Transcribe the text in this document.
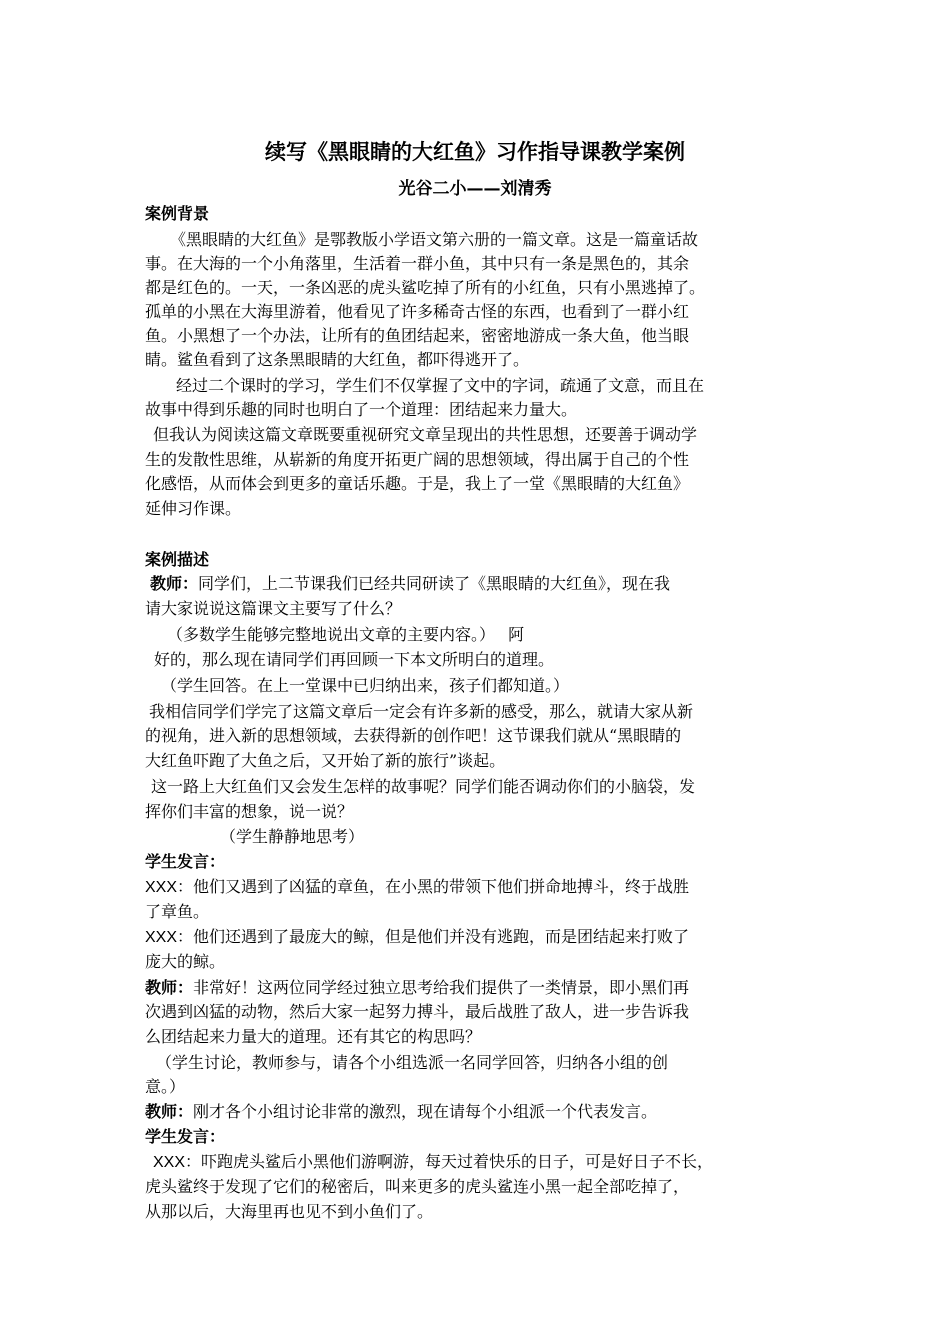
续写《黑眼睛的大红鱼》习作指导课教学案例
光谷二小——刘清秀
案例背景
《黑眼睛的大红鱼》是鄂教版小学语文第六册的一篇文章。这是一篇童话故
事。在大海的一个小角落里，生活着一群小鱼，其中只有一条是黑色的，其余
都是红色的。一天，一条凶恶的虎头鲨吃掉了所有的小红鱼，只有小黑逃掉了。
孤单的小黑在大海里游着，他看见了许多稀奇古怪的东西，也看到了一群小红
鱼。小黑想了一个办法，让所有的鱼团结起来，密密地游成一条大鱼，他当眼
睛。鲨鱼看到了这条黑眼睛的大红鱼，都吓得逃开了。
经过二个课时的学习，学生们不仅掌握了文中的字词，疏通了文意，而且在
故事中得到乐趣的同时也明白了一个道理：团结起来力量大。
但我认为阅读这篇文章既要重视研究文章呈现出的共性思想，还要善于调动学
生的发散性思维，从崭新的角度开拓更广阔的思想领域，得出属于自己的个性
化感悟，从而体会到更多的童话乐趣。于是，我上了一堂《黑眼睛的大红鱼》
延伸习作课。
案例描述
教师：同学们，上二节课我们已经共同研读了《黑眼睛的大红鱼》，现在我
请大家说说这篇课文主要写了什么？
（多数学生能够完整地说出文章的主要内容。）　 阿
好的，那么现在请同学们再回顾一下本文所明白的道理。
（学生回答。在上一堂课中已归纳出来，孩子们都知道。）
我相信同学们学完了这篇文章后一定会有许多新的感受，那么，就请大家从新
的视角，进入新的思想领域，去获得新的创作吧！这节课我们就从“黑眼睛的
大红鱼吓跑了大鱼之后，又开始了新的旅行”谈起。
这一路上大红鱼们又会发生怎样的故事呢？同学们能否调动你们的小脑袋，发
挥你们丰富的想象，说一说？
（学生静静地思考）
学生发言：
XXX：他们又遇到了凶猛的章鱼，在小黑的带领下他们拼命地搏斗，终于战胜
了章鱼。
XXX：他们还遇到了最庞大的鲸，但是他们并没有逃跑，而是团结起来打败了
庞大的鲸。
教师：非常好！这两位同学经过独立思考给我们提供了一类情景，即小黑们再
次遇到凶猛的动物，然后大家一起努力搏斗，最后战胜了敌人，进一步告诉我
么团结起来力量大的道理。还有其它的构思吗？
（学生讨论，教师参与，请各个小组选派一名同学回答，归纳各小组的创
意。）
教师：刚才各个小组讨论非常的激烈，现在请每个小组派一个代表发言。
学生发言：
XXX：吓跑虎头鲨后小黑他们游啊游，每天过着快乐的日子，可是好日子不长，
虎头鲨终于发现了它们的秘密后，叫来更多的虎头鲨连小黑一起全部吃掉了，
从那以后，大海里再也见不到小鱼们了。
